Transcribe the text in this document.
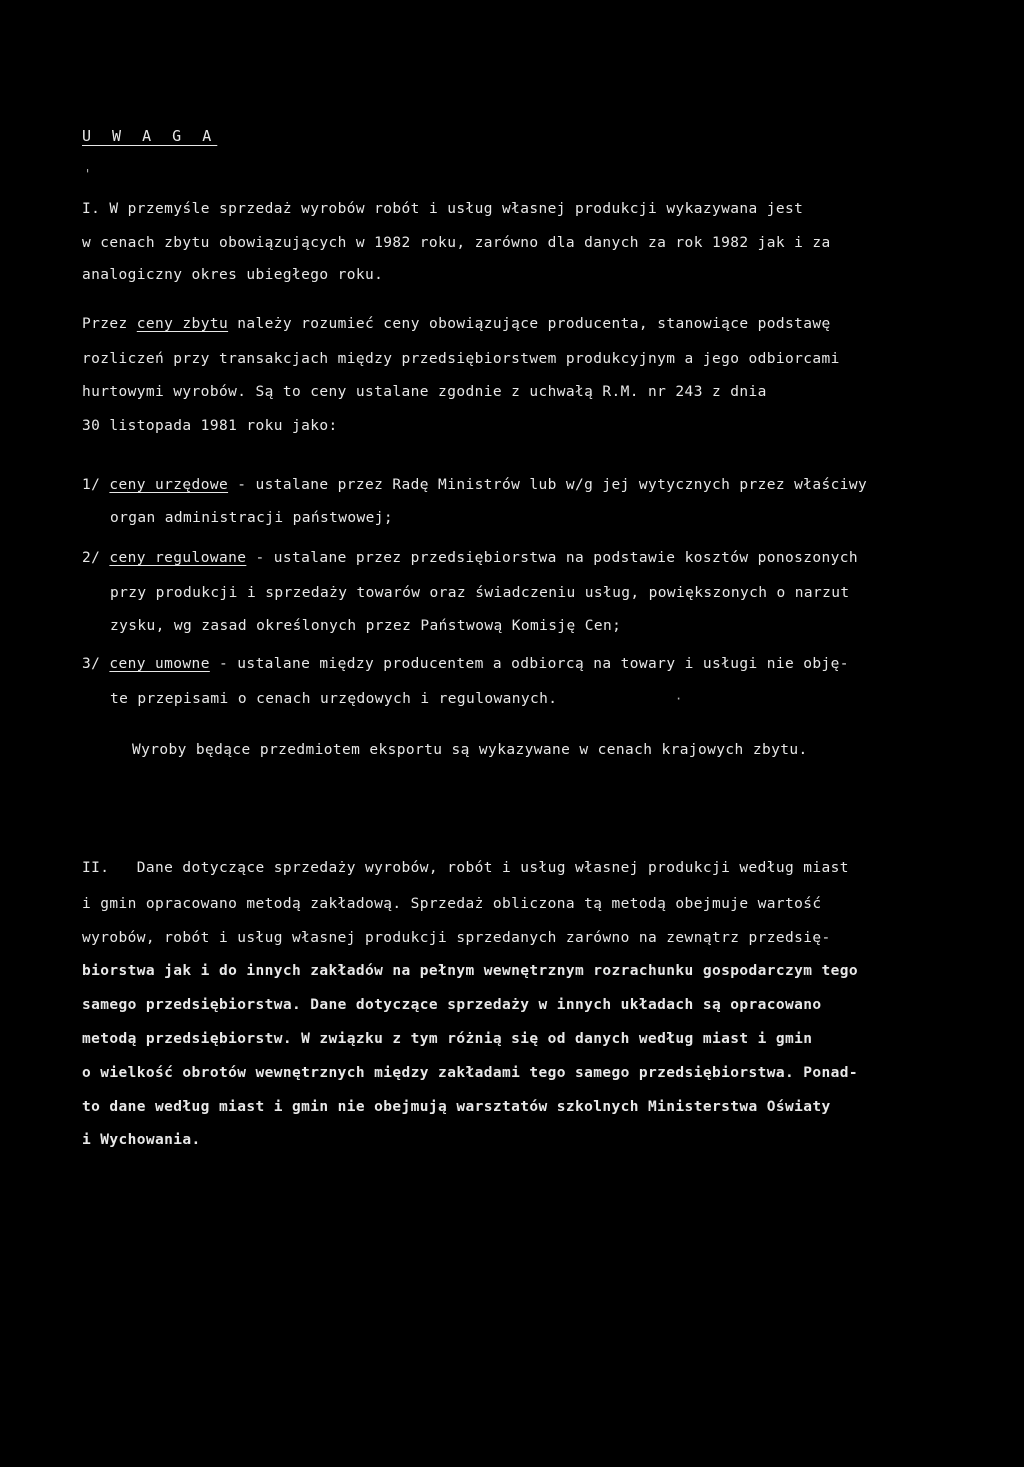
U W A G A
'
I. W przemyśle sprzedaż wyrobów robót i usług własnej produkcji wykazywana jest
w cenach zbytu obowiązujących w 1982 roku, zarówno dla danych za rok 1982 jak i za
analogiczny okres ubiegłego roku.
Przez ceny zbytu należy rozumieć ceny obowiązujące producenta, stanowiące podstawę
rozliczeń przy transakcjach między przedsiębiorstwem produkcyjnym a jego odbiorcami
hurtowymi wyrobów. Są to ceny ustalane zgodnie z uchwałą R.M. nr 243 z dnia
30 listopada 1981 roku jako:
1/ ceny urzędowe - ustalane przez Radę Ministrów lub w/g jej wytycznych przez właściwy
organ administracji państwowej;
2/ ceny regulowane - ustalane przez przedsiębiorstwa na podstawie kosztów ponoszonych
przy produkcji i sprzedaży towarów oraz świadczeniu usług, powiększonych o narzut
zysku, wg zasad określonych przez Państwową Komisję Cen;
3/ ceny umowne - ustalane między producentem a odbiorcą na towary i usługi nie obję-
te przepisami o cenach urzędowych i regulowanych.	·
Wyroby będące przedmiotem eksportu są wykazywane w cenach krajowych zbytu.
II. Dane dotyczące sprzedaży wyrobów, robót i usług własnej produkcji według miast
i gmin opracowano metodą zakładową. Sprzedaż obliczona tą metodą obejmuje wartość
wyrobów, robót i usług własnej produkcji sprzedanych zarówno na zewnątrz przedsię-
biorstwa jak i do innych zakładów na pełnym wewnętrznym rozrachunku gospodarczym tego
samego przedsiębiorstwa. Dane dotyczące sprzedaży w innych układach są opracowano
metodą przedsiębiorstw. W związku z tym różnią się od danych według miast i gmin
o wielkość obrotów wewnętrznych między zakładami tego samego przedsiębiorstwa. Ponad-
to dane według miast i gmin nie obejmują warsztatów szkolnych Ministerstwa Oświaty
i Wychowania.
